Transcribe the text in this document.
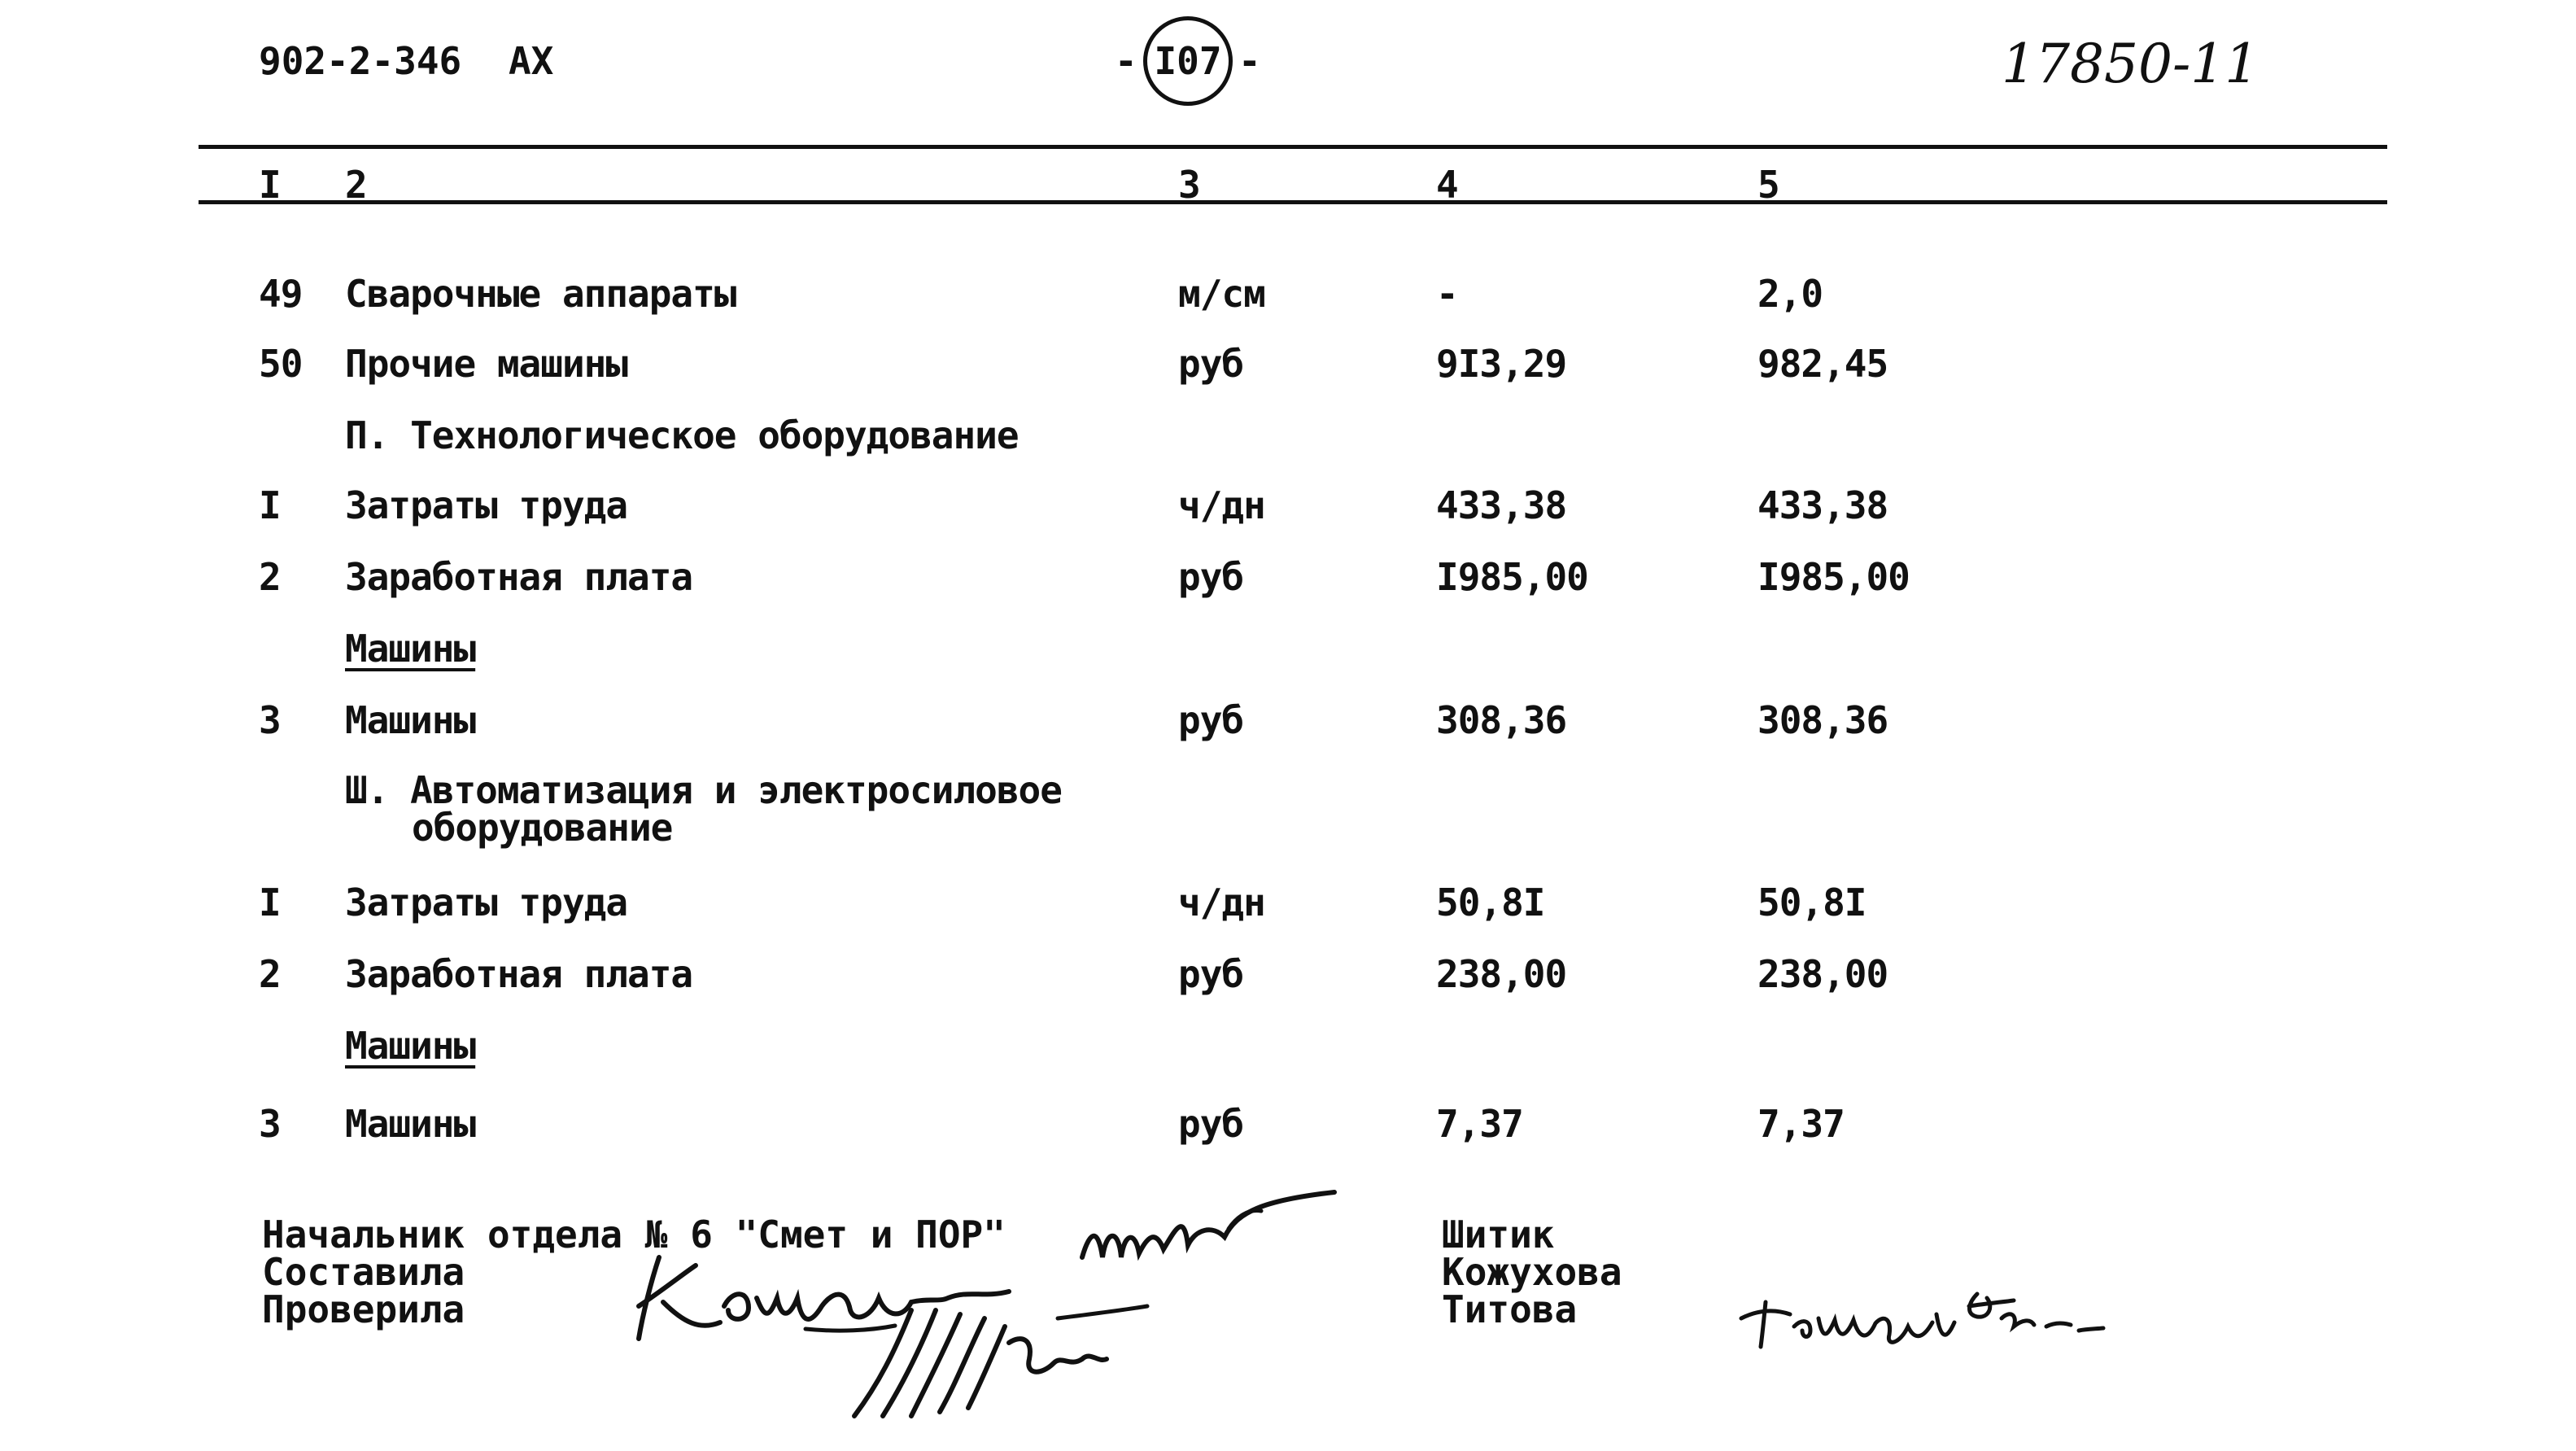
902-2-346 AX	- I07 -	17850-11
I 2	3	4	5
49 Сварочные аппараты	м/см	-	2,0
50 Прочие машины	руб	9I3,29	982,45
П. Технологическое оборудование
I Затраты труда	ч/дн	433,38	433,38
2 Заработная плата	руб	I985,00	I985,00
Машины
3 Машины	руб	308,36	308,36
Ш. Автоматизация и электросиловое
оборудование
I Затраты труда	ч/дн	50,8I	50,8I
2 Заработная плата	руб	238,00	238,00
Машины
3 Машины	руб	7,37	7,37
Начальник отдела № 6 "Смет и ПОР"
Составила
Проверила
Шитик
Кожухова
Титова
